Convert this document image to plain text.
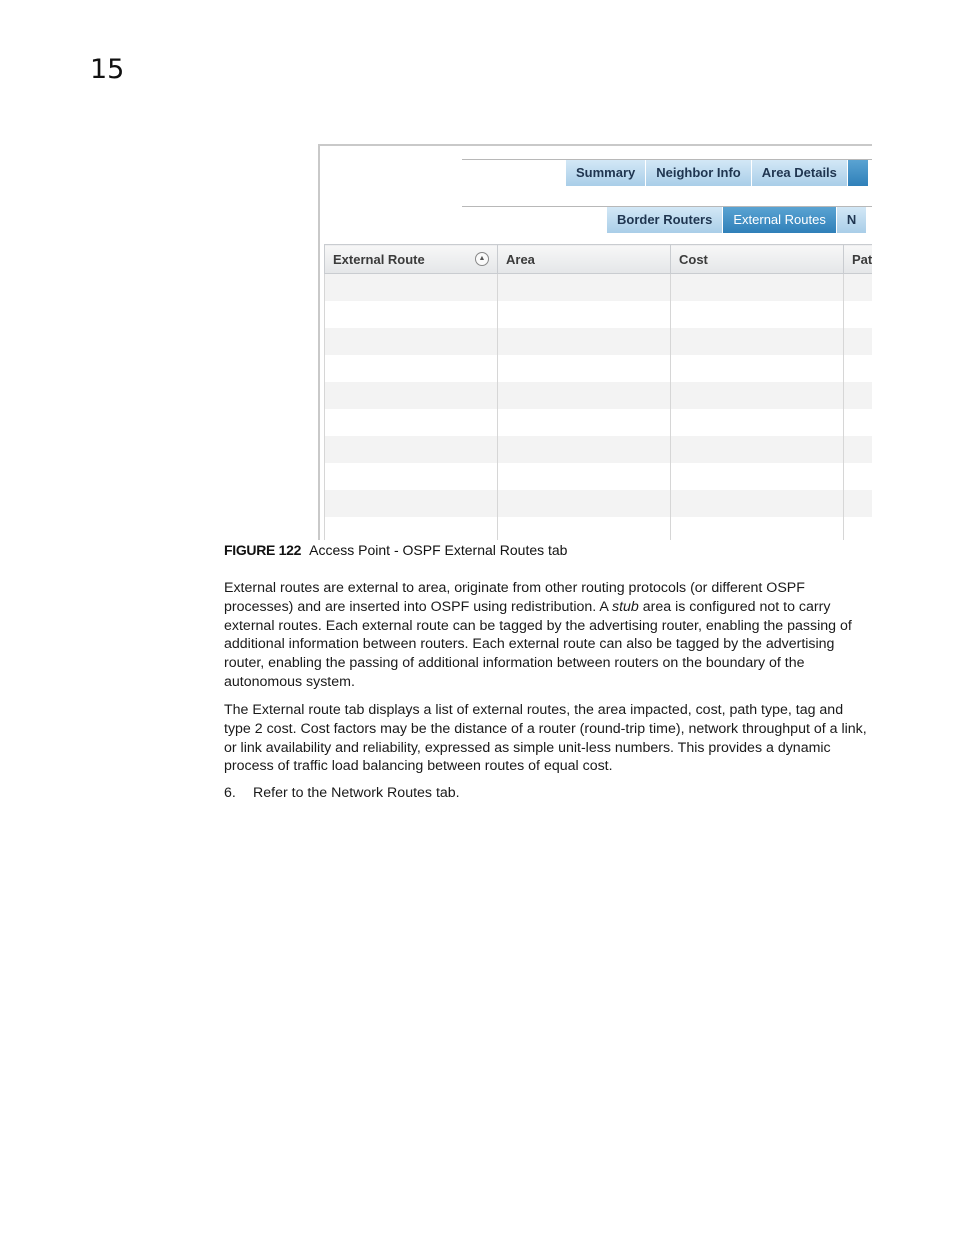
15
Summary	Neighbor Info	Area Details
Border Routers	External Routes	N
External Route ▲	Area	Cost	Pat

FIGURE 122 Access Point - OSPF External Routes tab

External routes are external to area, originate from other routing protocols (or different OSPF processes) and are inserted into OSPF using redistribution. A stub area is configured not to carry external routes. Each external route can be tagged by the advertising router, enabling the passing of additional information between routers. Each external route can also be tagged by the advertising router, enabling the passing of additional information between routers on the boundary of the autonomous system.

The External route tab displays a list of external routes, the area impacted, cost, path type, tag and type 2 cost. Cost factors may be the distance of a router (round-trip time), network throughput of a link, or link availability and reliability, expressed as simple unit-less numbers. This provides a dynamic process of traffic load balancing between routes of equal cost.

6. Refer to the Network Routes tab.
